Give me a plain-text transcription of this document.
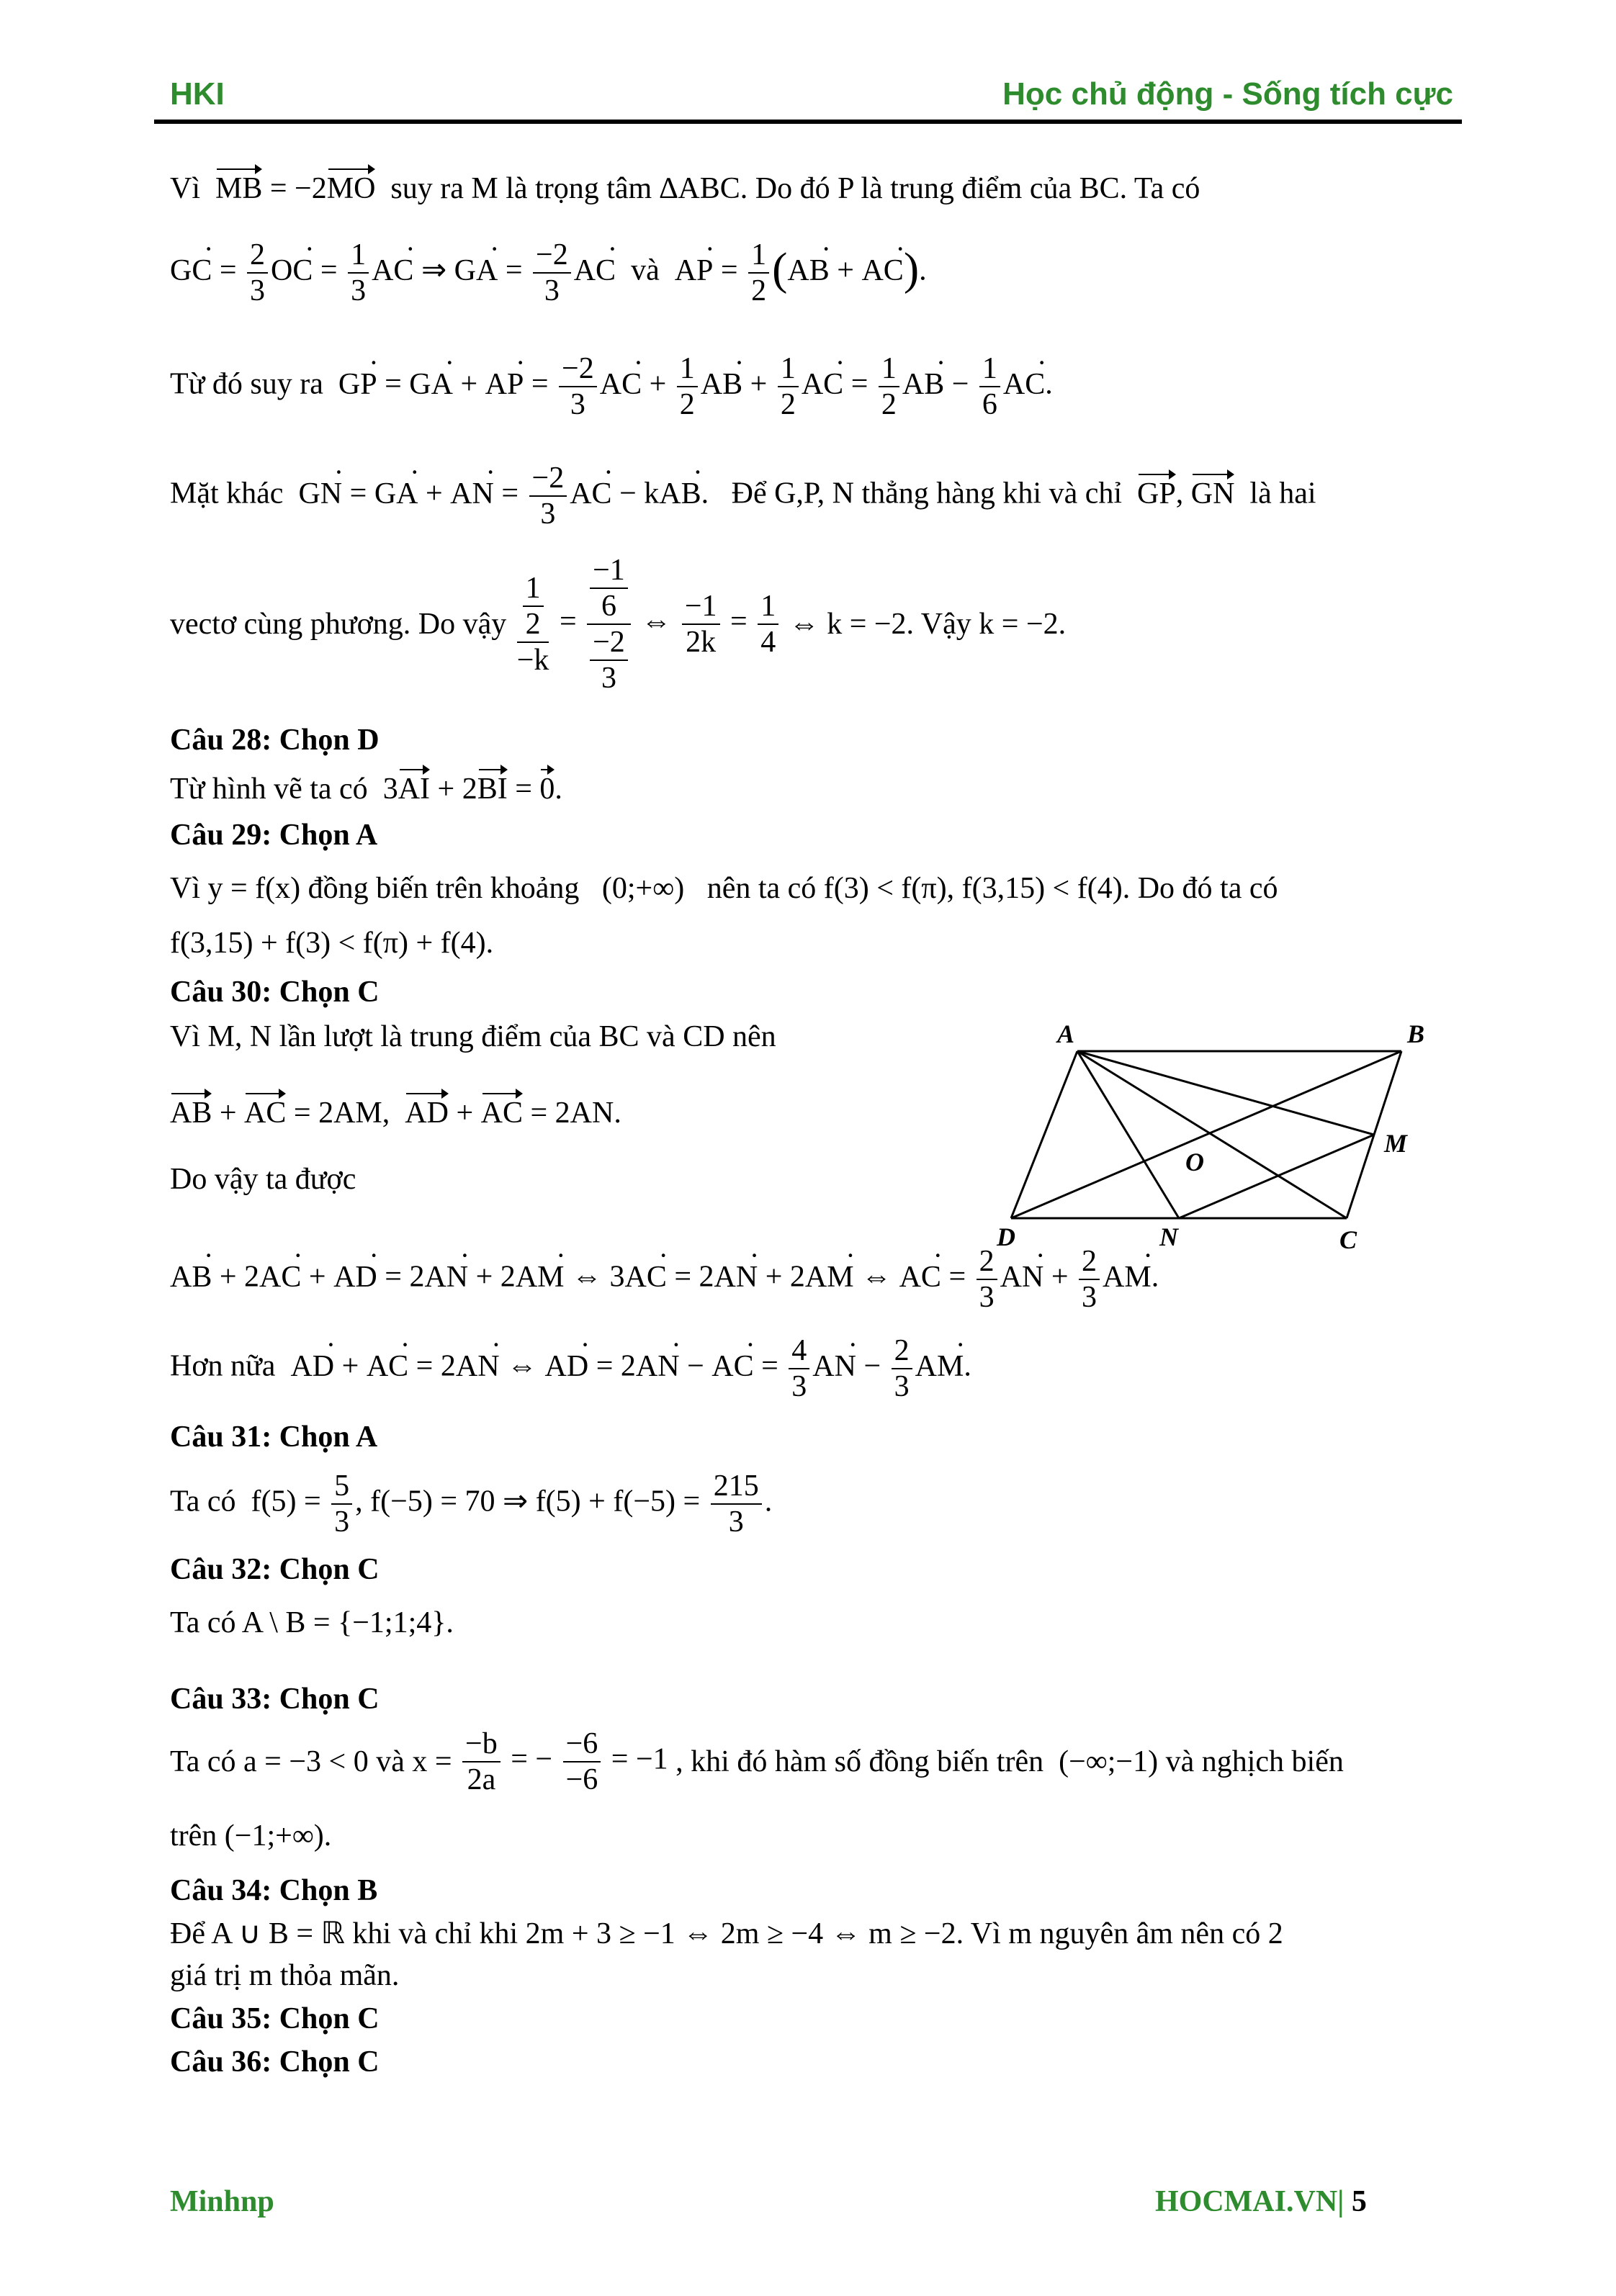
HKI	Học chủ động - Sống tích cực
Vì MB = −2MO suy ra M là trọng tâm ∆ABC. Do đó P là trung điểm của BC. Ta có
GC · = $\frac{2}{3}$ OC · = $\frac{1}{3}$ AC · ⇒ GA · = $\frac{-2}{3}$ AC ·  và  AP · = $\frac{1}{2} (AB$ · + AC ·).
Từ đó suy ra GP · = GA · + AP · = $\frac{-2}{3}$ AC · + $\frac{1}{2}$ AB · + $\frac{1}{2}$ AC · = $\frac{1}{2}$ AB · − $\frac{1}{6}$ AC ·.
Mặt khác GN · = GA · + AN · = $\frac{-2}{3}$ AC · − kAB ·.   Để G,P, N thẳng hàng khi và chỉ GP, GN là hai
vectơ cùng phương. Do vậy $\frac{\frac{1}{2}}{-k} = \frac{\frac{-1}{6}}{\frac{-2}{3}}$ ⇔ $\frac{-1}{2k} = \frac{1}{4}$ ⇔ k = −2. Vậy k = −2.
Câu 28: Chọn D
Từ hình vẽ ta có  3AI + 2BI = 0.
Câu 29: Chọn A
Vì y = f(x) đồng biến trên khoảng (0;+∞) nên ta có f(3) < f(π), f(3,15) < f(4). Do đó ta có
f(3,15) + f(3) < f(π) + f(4).
Câu 30: Chọn C
Vì M, N lần lượt là trung điểm của BC và CD nên
AB + AC = 2AM,  AD + AC = 2AN.
Do vậy ta được
AB · + 2AC · + AD · = 2AN · + 2AM · ⇔ 3AC · = 2AN · + 2AM · ⇔ AC · = $\frac{2}{3}$ AN · + $\frac{2}{3}$ AM ·.
Hơn nữa AD · + AC · = 2AN · ⇔ AD · = 2AN · − AC · = $\frac{4}{3}$ AN · − $\frac{2}{3}$ AM ·.
A	B
M
O
D	N	C
Câu 31: Chọn A
Ta có  $f(5) = \frac{5}{3}$ , f(−5) = 70 ⇒ $f(5) + f(-5) = \frac{215}{3}$ .
Câu 32: Chọn C
Ta có A \ B = {−1;1;4}.
Câu 33: Chọn C
Ta có a = −3 < 0 và $x = \frac{-b}{2a}$ = − $\frac{-6}{-6} = -1$ , khi đó hàm số đồng biến trên (−∞;−1) và nghịch biến
trên (−1;+∞).
Câu 34: Chọn B
Để A ∪ B = ℝ khi và chỉ khi 2m + 3 ≥ −1 ⇔ 2m ≥ −4 ⇔ m ≥ −2. Vì m nguyên âm nên có 2
giá trị m thỏa mãn.
Câu 35: Chọn C
Câu 36: Chọn C
Minhnp	HOCMAI.VN| 5
